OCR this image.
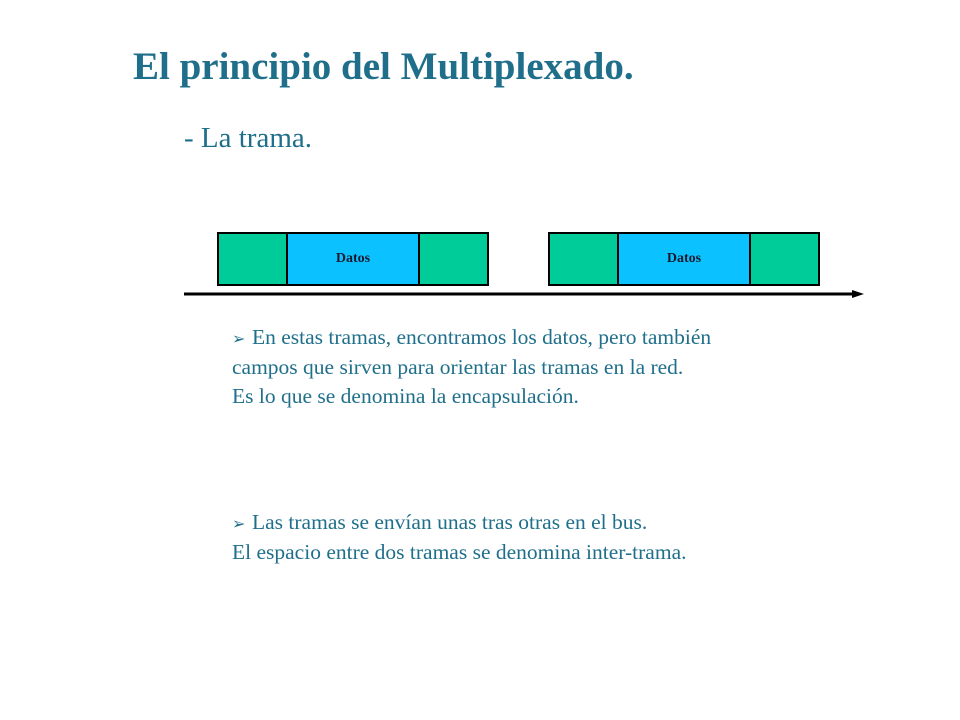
El principio del Multiplexado.
- La trama.
Datos	Datos
➢ En estas tramas, encontramos los datos, pero también
campos que sirven para orientar las tramas en la red.
Es lo que se denomina la encapsulación.
➢ Las tramas se envían unas tras otras en el bus.
El espacio entre dos tramas se denomina inter-trama.
